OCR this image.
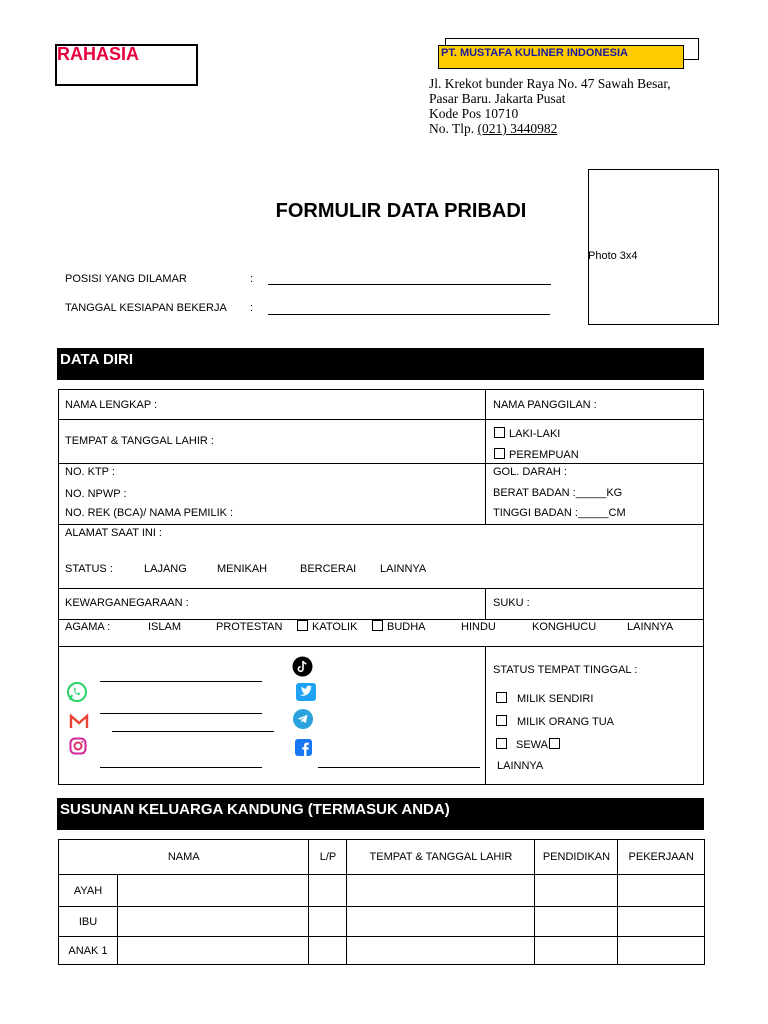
RAHASIA	PT. MUSTAFA KULINER INDONESIA
Jl. Krekot bunder Raya No. 47 Sawah Besar,
Pasar Baru. Jakarta Pusat
Kode Pos 10710
No. Tlp. (021) 3440982
Photo 3x4
FORMULIR DATA PRIBADI
POSISI YANG DILAMAR	:
TANGGAL KESIAPAN BEKERJA :
DATA DIRI
NAMA LENGKAP :	NAMA PANGGILAN :
TEMPAT & TANGGAL LAHIR :
LAKI-LAKI
PEREMPUAN
NO. KTP :	GOL. DARAH :
NO. NPWP :	BERAT BADAN :_____KG
NO. REK (BCA)/ NAMA PEMILIK :	TINGGI BADAN :_____CM
ALAMAT SAAT INI :
STATUS :	LAJANG	MENIKAH	BERCERAI LAINNYA
KEWARGANEGARAAN :	SUKU :
AGAMA :	ISLAM	PROTESTAN	KATOLIK	BUDHA	HINDU	KONGHUCU	LAINNYA
STATUS TEMPAT TINGGAL :
MILIK SENDIRI
MILIK ORANG TUA
SEWA
LAINNYA
SUSUNAN KELUARGA KANDUNG (TERMASUK ANDA)
NAMA		L/P	TEMPAT & TANGGAL LAHIR	PENDIDIKAN	PEKERJAAN
AYAH					
IBU					
ANAK 1					
